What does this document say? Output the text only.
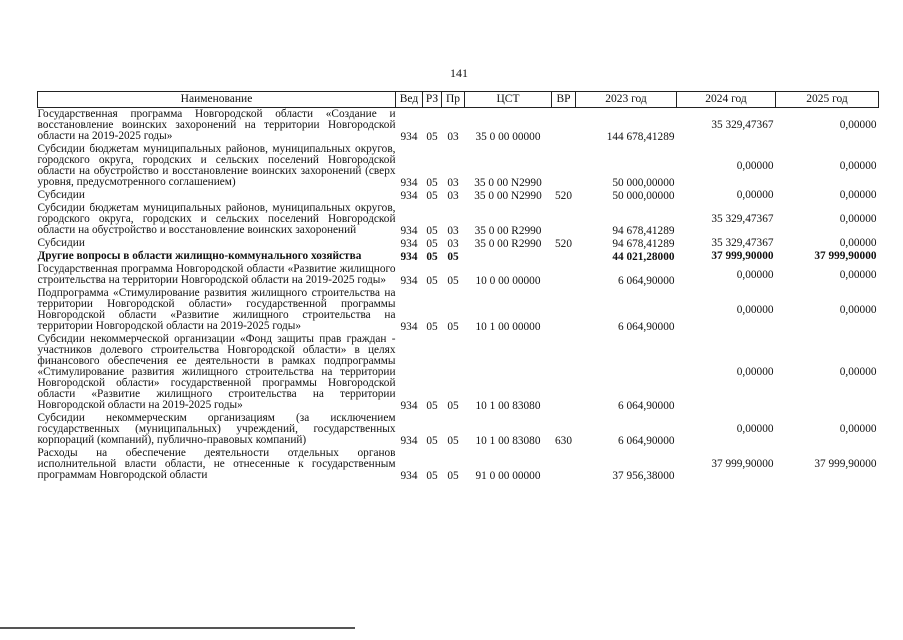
141
Наименование	Вед	РЗ	Пр	ЦСТ	ВР	2023 год	2024 год	2025 год
Государственная программа Новгородской области «Создание и восстановление воинских захоронений на территории Новгородской области на 2019-2025 годы»	934	05	03	35 0 00 00000		144 678,41289	35 329,47367	0,00000
Субсидии бюджетам муниципальных районов, муниципальных округов, городского округа, городских и сельских поселений Новгородской области на обустройство и восстановление воинских захоронений (сверх уровня, предусмотренного соглашением)	934	05	03	35 0 00 N2990		50 000,00000	0,00000	0,00000
Субсидии	934	05	03	35 0 00 N2990	520	50 000,00000	0,00000	0,00000
Субсидии бюджетам муниципальных районов, муниципальных округов, городского округа, городских и сельских поселений Новгородской области на обустройство и восстановление воинских захоронений	934	05	03	35 0 00 R2990		94 678,41289	35 329,47367	0,00000
Субсидии	934	05	03	35 0 00 R2990	520	94 678,41289	35 329,47367	0,00000
Другие вопросы в области жилищно-коммунального хозяйства	934	05	05			44 021,28000	37 999,90000	37 999,90000
Государственная программа Новгородской области «Развитие жилищного строительства на территории Новгородской области на 2019-2025 годы»	934	05	05	10 0 00 00000		6 064,90000	0,00000	0,00000
Подпрограмма «Стимулирование развития жилищного строительства на территории Новгородской области» государственной программы Новгородской области «Развитие жилищного строительства на территории Новгородской области на 2019-2025 годы»	934	05	05	10 1 00 00000		6 064,90000	0,00000	0,00000
Субсидии некоммерческой организации «Фонд защиты прав граждан - участников долевого строительства Новгородской области» в целях финансового обеспечения ее деятельности в рамках подпрограммы «Стимулирование развития жилищного строительства на территории Новгородской области» государственной программы Новгородской области «Развитие жилищного строительства на территории Новгородской области на 2019-2025 годы»	934	05	05	10 1 00 83080		6 064,90000	0,00000	0,00000
Субсидии некоммерческим организациям (за исключением государственных (муниципальных) учреждений, государственных корпораций (компаний), публично-правовых компаний)	934	05	05	10 1 00 83080	630	6 064,90000	0,00000	0,00000
Расходы на обеспечение деятельности отдельных органов исполнительной власти области, не отнесенные к государственным программам Новгородской области	934	05	05	91 0 00 00000		37 956,38000	37 999,90000	37 999,90000
